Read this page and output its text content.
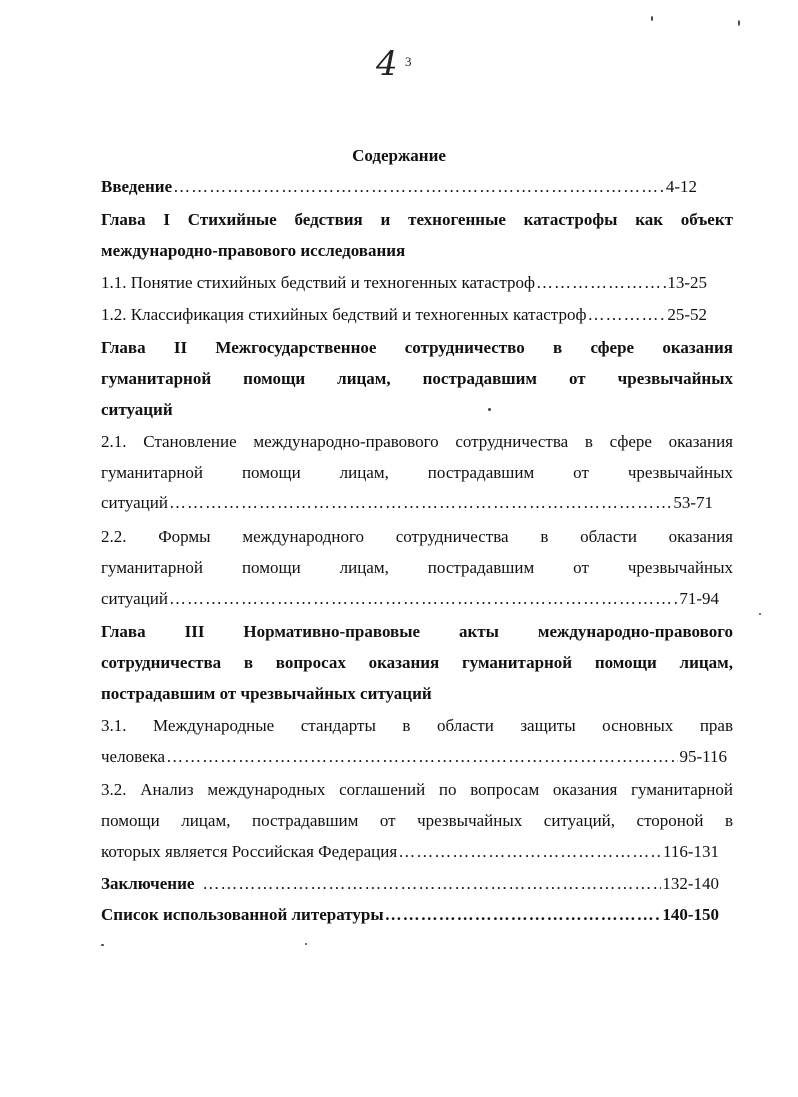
4 3
Содержание
Введение ……………………………………………………………………………………………………………………	4-12
Глава I Стихийные бедствия и техногенные катастрофы как объект
международно-правового исследования
1.1. Понятие стихийных бедствий и техногенных катастроф ……………………………………………………………………………………………………………………	13-25
1.2. Классификация стихийных бедствий и техногенных катастроф ……………………………………………………………………………………………………………………	25-52
Глава II Межгосударственное сотрудничество в сфере оказания
гуманитарной помощи лицам, пострадавшим от чрезвычайных
ситуаций
2.1. Становление международно-правового сотрудничества в сфере оказания
гуманитарной помощи лицам, пострадавшим от чрезвычайных
ситуаций ……………………………………………………………………………………………………………………	53-71
2.2. Формы международного сотрудничества в области оказания
гуманитарной помощи лицам, пострадавшим от чрезвычайных
ситуаций ……………………………………………………………………………………………………………………	71-94
Глава III Нормативно-правовые акты международно-правового
сотрудничества в вопросах оказания гуманитарной помощи лицам,
пострадавшим от чрезвычайных ситуаций
3.1. Международные стандарты в области защиты основных прав
человека ……………………………………………………………………………………………………………………	95-116
3.2. Анализ международных соглашений по вопросам оказания гуманитарной
помощи лицам, пострадавшим от чрезвычайных ситуаций, стороной в
которых является Российская Федерация ……………………………………………………………………………………………………………………	116-131
Заключение ……………………………………………………………………………………………………………………	132-140
Список использованной литературы ……………………………………………………………………………………………………………………	140-150
